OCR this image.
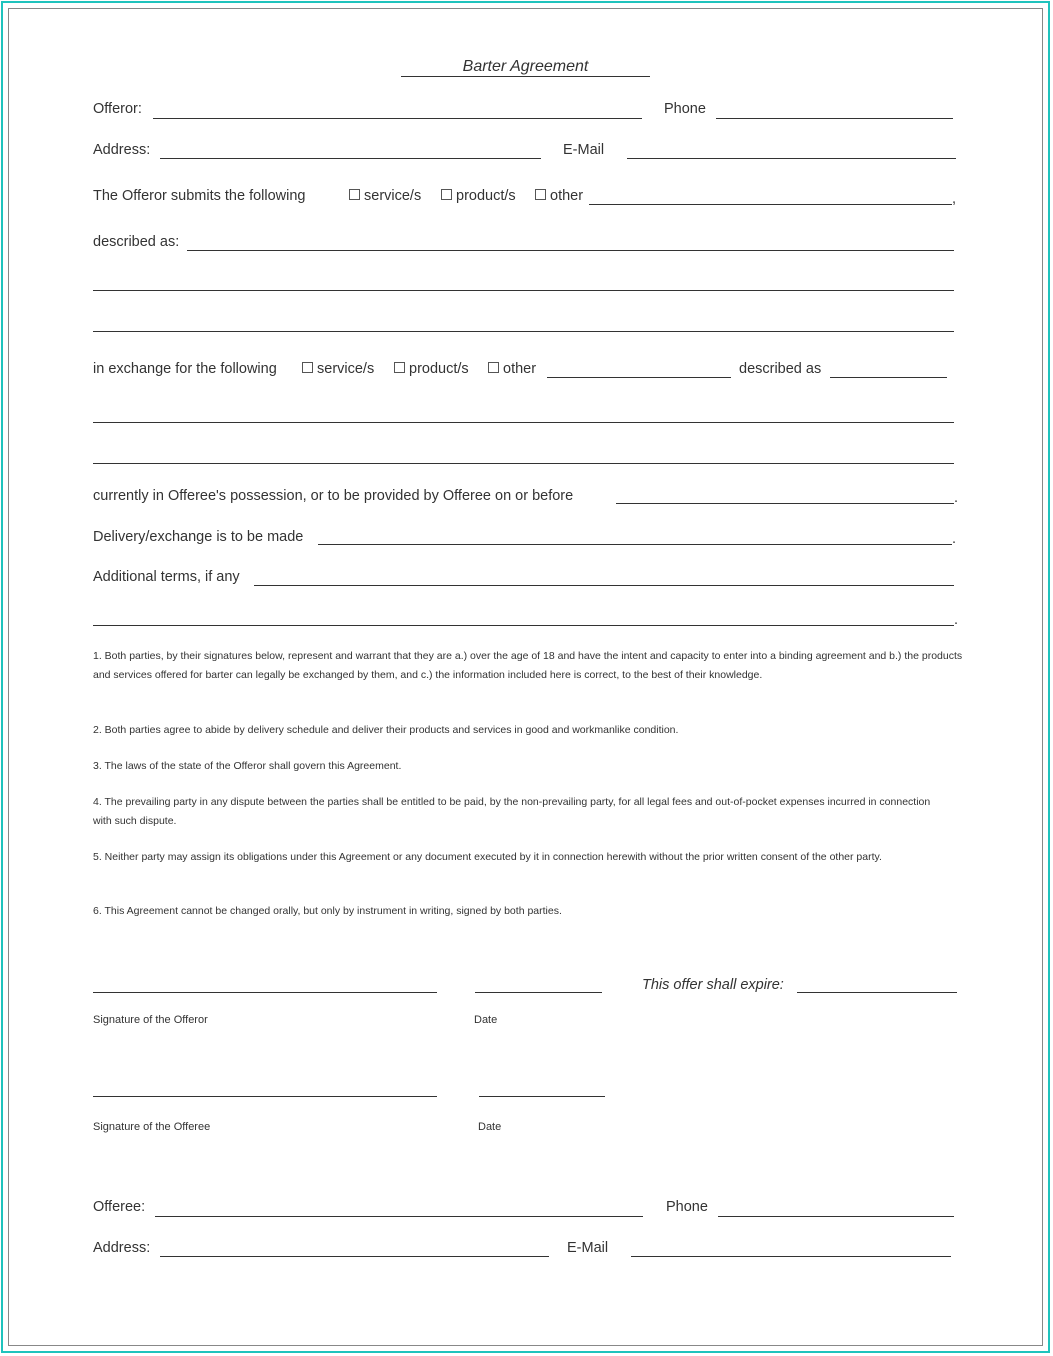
Barter Agreement
Offeror:	Phone
Address:	E-Mail
The Offeror submits the following	service/s	product/s	other	,
described as:
in exchange for the following	service/s	product/s	other	described as
currently in Offeree's possession, or to be provided by Offeree on or before	.
Delivery/exchange is to be made	.
Additional terms, if any
.
1. Both parties, by their signatures below, represent and warrant that they are a.) over the age of 18 and have the intent and capacity to enter into a binding agreement and b.) the products and services offered for barter can legally be exchanged by them, and c.) the information included here is correct, to the best of their knowledge.
2. Both parties agree to abide by delivery schedule and deliver their products and services in good and workmanlike condition.
3. The laws of the state of the Offeror shall govern this Agreement.
4. The prevailing party in any dispute between the parties shall be entitled to be paid, by the non-prevailing party, for all legal fees and out-of-pocket expenses incurred in connection with such dispute.
5. Neither party may assign its obligations under this Agreement or any document executed by it in connection herewith without the prior written consent of the other party.
6. This Agreement cannot be changed orally, but only by instrument in writing, signed by both parties.
This offer shall expire:
Signature of the Offeror	Date
Signature of the Offeree	Date
Offeree:	Phone
Address:	E-Mail
